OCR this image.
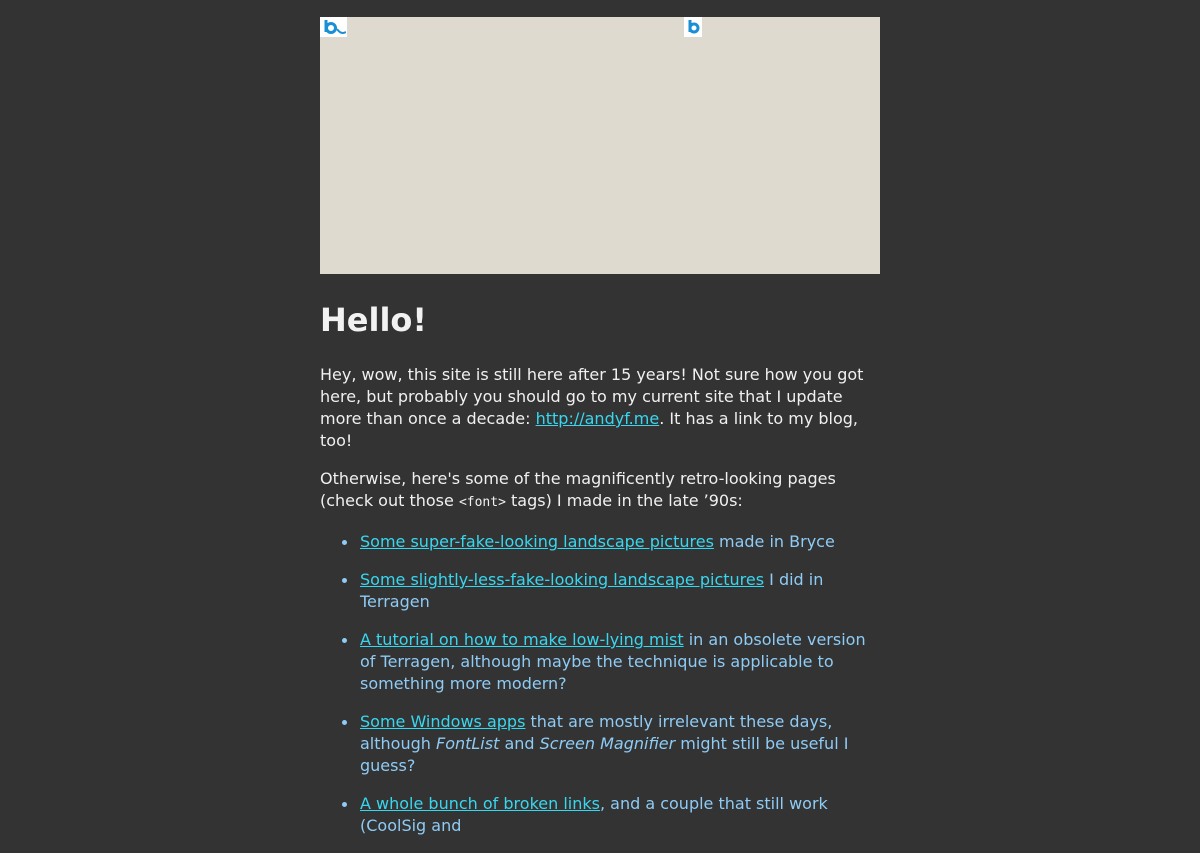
Hello!

Hey, wow, this site is still here after 15 years! Not sure how you got here, but probably you should go to my current site that I update more than once a decade: http://andyf.me. It has a link to my blog, too!

Otherwise, here's some of the magnificently retro-looking pages (check out those <font> tags) I made in the late ’90s:

Some super-fake-looking landscape pictures made in Bryce
Some slightly-less-fake-looking landscape pictures I did in Terragen
A tutorial on how to make low-lying mist in an obsolete version of Terragen, although maybe the technique is applicable to something more modern?
Some Windows apps that are mostly irrelevant these days, although FontList and Screen Magnifier might still be useful I guess?
A whole bunch of broken links, and a couple that still work (CoolSig and
